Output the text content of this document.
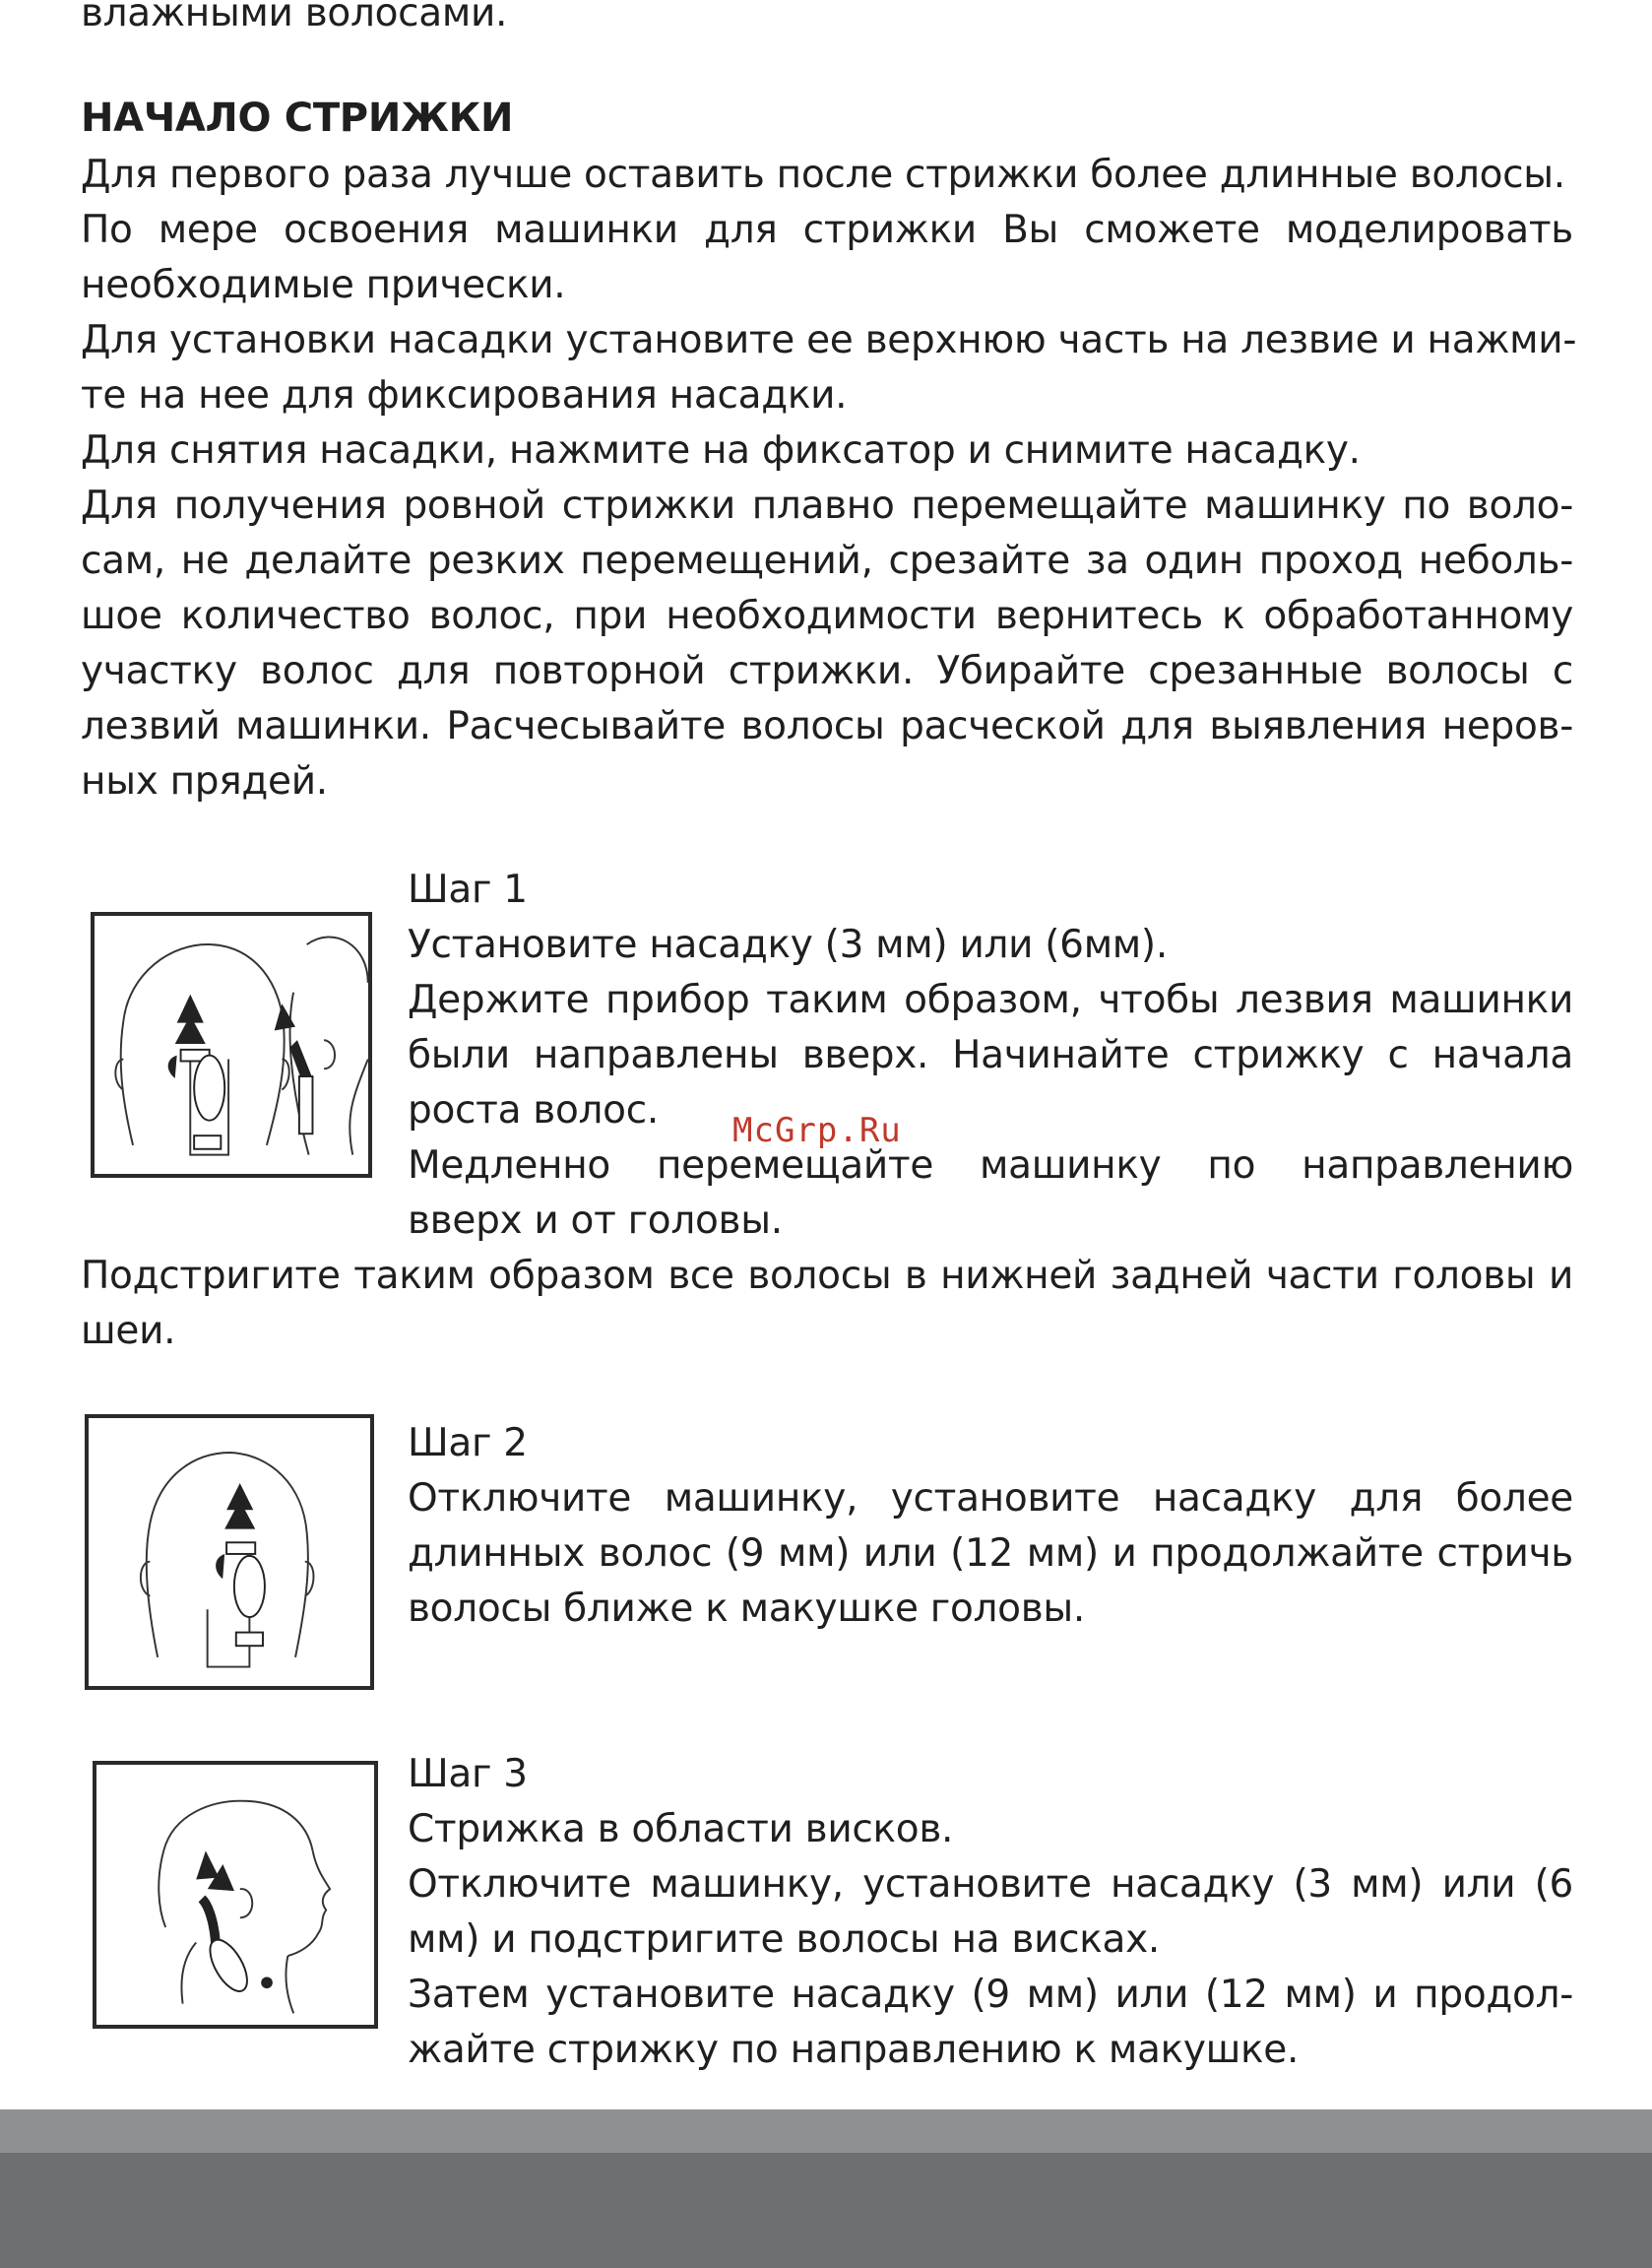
влажными волосами.
НАЧАЛО СТРИЖКИ
Для первого раза лучше оставить после стрижки более длинные волосы.
По мере освоения машинки для стрижки Вы сможете моделировать
необходимые прически.
Для установки насадки установите ее верхнюю часть на лезвие и нажми-
те на нее для фиксирования насадки.
Для снятия насадки, нажмите на фиксатор и снимите насадку.
Для получения ровной стрижки плавно перемещайте машинку по воло-
сам, не делайте резких перемещений, срезайте за один проход неболь-
шое количество волос, при необходимости вернитесь к обработанному
участку волос для повторной стрижки. Убирайте срезанные волосы с
лезвий машинки. Расчесывайте волосы расческой для выявления неров-
ных прядей.
Шаг 1
Установите насадку (3 мм) или (6мм).
Держите прибор таким образом, чтобы лезвия машинки
были направлены вверх. Начинайте стрижку с начала
роста волос.
Медленно перемещайте машинку по направлению
вверх и от головы.
Подстригите таким образом все волосы в нижней задней части головы и
шеи.
Шаг 2
Отключите машинку, установите насадку для более
длинных волос (9 мм) или (12 мм) и продолжайте стричь
волосы ближе к макушке головы.
Шаг 3
Стрижка в области висков.
Отключите машинку, установите насадку (3 мм) или (6
мм) и подстригите волосы на висках.
Затем установите насадку (9 мм) или (12 мм) и продол-
жайте стрижку по направлению к макушке.
McGrp.Ru
